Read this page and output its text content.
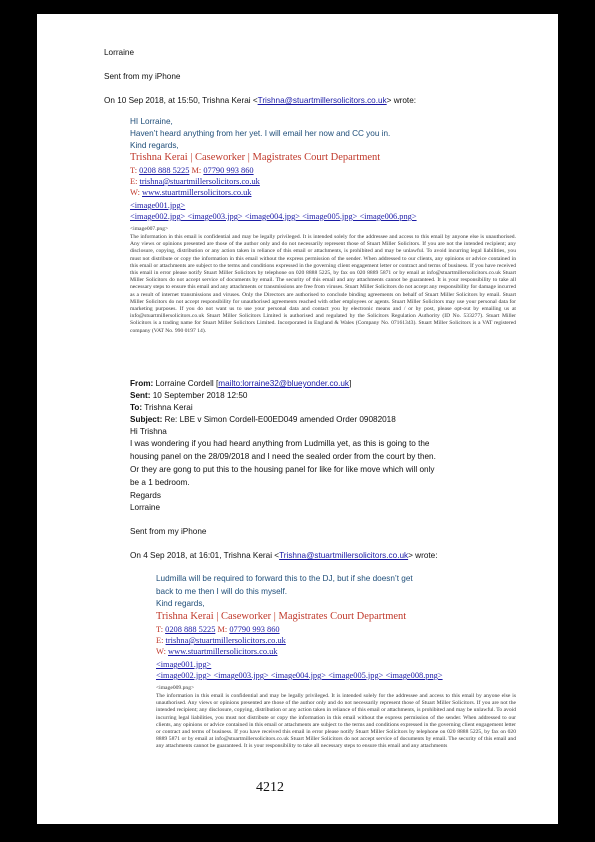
Lorraine
Sent from my iPhone
On 10 Sep 2018, at 15:50, Trishna Kerai <Trishna@stuartmillersolicitors.co.uk> wrote:
HI Lorraine,
Haven’t heard anything from her yet. I will email her now and CC you in.
Kind regards,
Trishna Kerai | Caseworker | Magistrates Court Department
T: 0208 888 5225 M: 07790 993 860
E: trishna@stuartmillersolicitors.co.uk
W: www.stuartmillersolicitors.co.uk
<image001.jpg>
<image002.jpg> <image003.jpg> <image004.jpg> <image005.jpg> <image006.png>
<image007.png>
The information in this email is confidential and may be legally privileged. It is intended solely for the addressee and access to this email by anyone else is unauthorised. Any views or opinions presented are those of the author only and do not necessarily represent those of Stuart Miller Solicitors. If you are not the intended recipient; any disclosure, copying, distribution or any action taken in reliance of this email or attachments, is prohibited and may be unlawful. To avoid incurring legal liabilities, you must not distribute or copy the information in this email without the express permission of the sender. When addressed to our clients, any opinions or advice contained in this email or attachments are subject to the terms and conditions expressed in the governing client engagement letter or contract and terms of business. If you have received this email in error please notify Stuart Miller Solicitors by telephone on 020 8888 5225, by fax on 020 8889 5871 or by email at info@stuartmillersolicitors.co.uk Stuart Miller Solicitors do not accept service of documents by email. The security of this email and any attachments cannot be guaranteed. It is your responsibility to take all necessary steps to ensure this email and any attachments or transmissions are free from viruses. Stuart Miller Solicitors do not accept any responsibility for damage incurred as a result of internet transmissions and viruses. Only the Directors are authorised to conclude binding agreements on behalf of Stuart Miller Solicitors by email. Stuart Miller Solicitors do not accept responsibility for unauthorised agreements reached with other employees or agents. Stuart Miller Solicitors may use your personal data for marketing purposes. If you do not want us to use your personal data and contact you by electronic means and / or by post, please opt-out by emailing us at info@stuartmillersolicitors.co.uk Stuart Miller Solicitors Limited is authorised and regulated by the Solicitors Regulation Authority (ID No. 533277). Stuart Miller Solicitors is a trading name for Stuart Miller Solicitors Limited. Incorporated in England & Wales (Company No. 07161343). Stuart Miller Solicitors is a VAT registered company (VAT No. 990 0197 14).
From: Lorraine Cordell [mailto:lorraine32@blueyonder.co.uk]
Sent: 10 September 2018 12:50
To: Trishna Kerai
Subject: Re: LBE v Simon Cordell-E00ED049 amended Order 09082018
Hi Trishna
I was wondering if you had heard anything from Ludmilla yet, as this is going to the
housing panel on the 28/09/2018 and I need the sealed order from the court by then.
Or they are gong to put this to the housing panel for like for like move which will only
be a 1 bedroom.
Regards
Lorraine
Sent from my iPhone
On 4 Sep 2018, at 16:01, Trishna Kerai <Trishna@stuartmillersolicitors.co.uk> wrote:
Ludmilla will be required to forward this to the DJ, but if she doesn’t get
back to me then I will do this myself.
Kind regards,
Trishna Kerai | Caseworker | Magistrates Court Department
T: 0208 888 5225 M: 07790 993 860
E: trishna@stuartmillersolicitors.co.uk
W: www.stuartmillersolicitors.co.uk
<image001.jpg>
<image002.jpg> <image003.jpg> <image004.jpg> <image005.jpg> <image008.png>
<image009.png>
The information in this email is confidential and may be legally privileged. It is intended solely for the addressee and access to this email by anyone else is unauthorised. Any views or opinions presented are those of the author only and do not necessarily represent those of Stuart Miller Solicitors. If you are not the intended recipient; any disclosure, copying, distribution or any action taken in reliance of this email or attachments, is prohibited and may be unlawful. To avoid incurring legal liabilities, you must not distribute or copy the information in this email without the express permission of the sender. When addressed to our clients, any opinions or advice contained in this email or attachments are subject to the terms and conditions expressed in the governing client engagement letter or contract and terms of business. If you have received this email in error please notify Stuart Miller Solicitors by telephone on 020 8888 5225, by fax on 020 8889 5871 or by email at info@stuartmillersolicitors.co.uk Stuart Miller Solicitors do not accept service of documents by email. The security of this email and any attachments cannot be guaranteed. It is your responsibility to take all necessary steps to ensure this email and any attachments
4212
